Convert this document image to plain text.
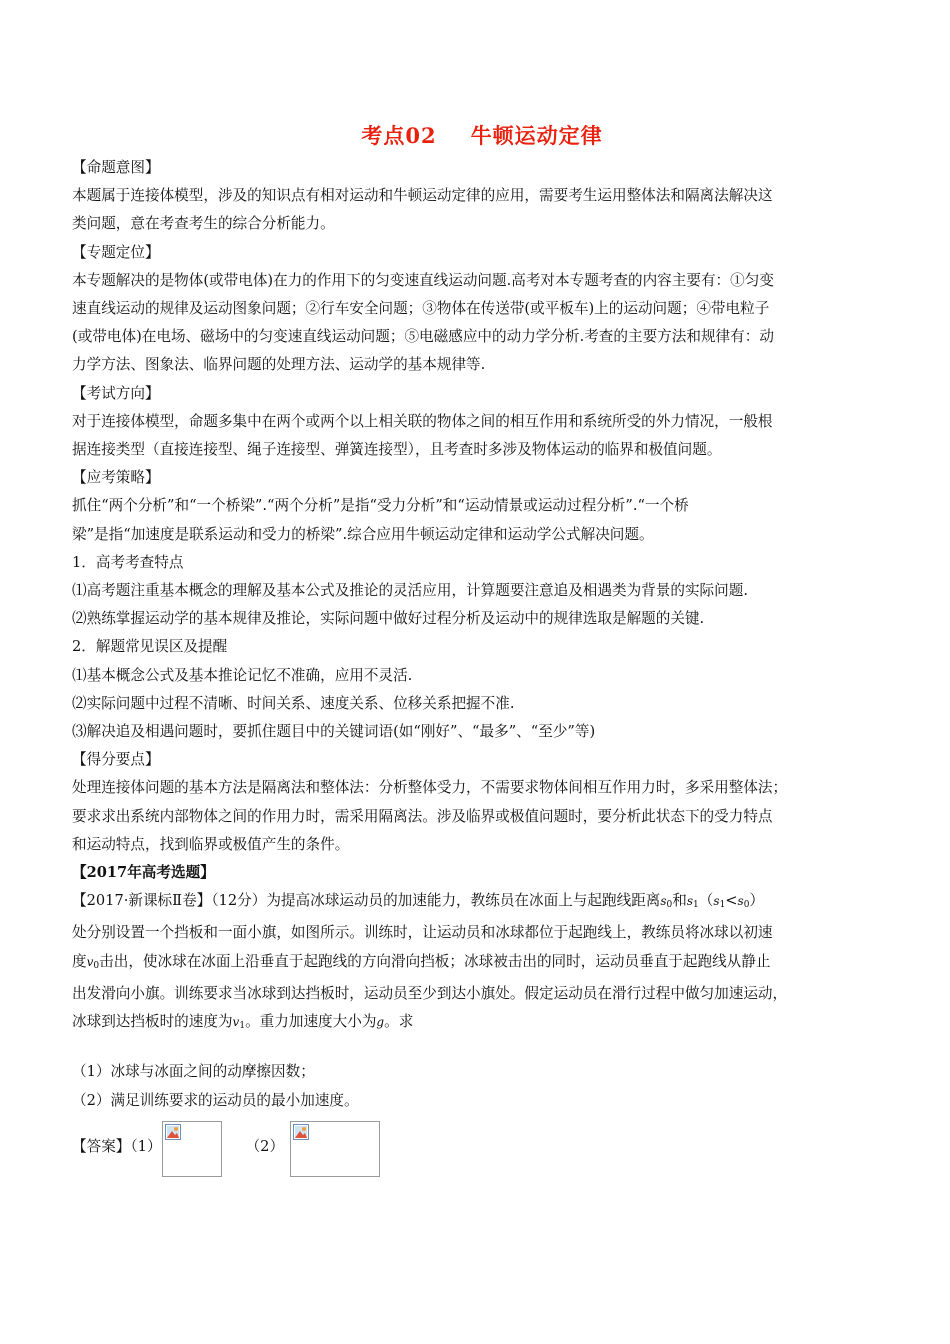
考点02 牛顿运动定律
【命题意图】
本题属于连接体模型，涉及的知识点有相对运动和牛顿运动定律的应用，需要考生运用整体法和隔离法解决这
类问题，意在考查考生的综合分析能力。
【专题定位】
本专题解决的是物体(或带电体)在力的作用下的匀变速直线运动问题.高考对本专题考查的内容主要有：①匀变
速直线运动的规律及运动图象问题；②行车安全问题；③物体在传送带(或平板车)上的运动问题；④带电粒子
(或带电体)在电场、磁场中的匀变速直线运动问题；⑤电磁感应中的动力学分析.考查的主要方法和规律有：动
力学方法、图象法、临界问题的处理方法、运动学的基本规律等.
【考试方向】
对于连接体模型，命题多集中在两个或两个以上相关联的物体之间的相互作用和系统所受的外力情况，一般根
据连接类型（直接连接型、绳子连接型、弹簧连接型），且考查时多涉及物体运动的临界和极值问题。
【应考策略】
抓住“两个分析”和“一个桥梁”.“两个分析”是指“受力分析”和“运动情景或运动过程分析”.“一个桥
梁”是指“加速度是联系运动和受力的桥梁”.综合应用牛顿运动定律和运动学公式解决问题。
1．高考考查特点
⑴高考题注重基本概念的理解及基本公式及推论的灵活应用，计算题要注意追及相遇类为背景的实际问题.
⑵熟练掌握运动学的基本规律及推论，实际问题中做好过程分析及运动中的规律选取是解题的关键.
2．解题常见误区及提醒
⑴基本概念公式及基本推论记忆不准确，应用不灵活.
⑵实际问题中过程不清晰、时间关系、速度关系、位移关系把握不准.
⑶解决追及相遇问题时，要抓住题目中的关键词语(如“刚好”、“最多”、“至少”等)
【得分要点】
处理连接体问题的基本方法是隔离法和整体法：分析整体受力，不需要求物体间相互作用力时，多采用整体法；
要求求出系统内部物体之间的作用力时，需采用隔离法。涉及临界或极值问题时，要分析此状态下的受力特点
和运动特点，找到临界或极值产生的条件。
【2017年高考选题】
【2017·新课标Ⅱ卷】（12分）为提高冰球运动员的加速能力，教练员在冰面上与起跑线距离$s_0$和$s_1(s_1<s_0)$
处分别设置一个挡板和一面小旗，如图所示。训练时，让运动员和冰球都位于起跑线上，教练员将冰球以初速
度$v_0$击出，使冰球在冰面上沿垂直于起跑线的方向滑向挡板；冰球被击出的同时，运动员垂直于起跑线从静止
出发滑向小旗。训练要求当冰球到达挡板时，运动员至少到达小旗处。假定运动员在滑行过程中做匀加速运动，
冰球到达挡板时的速度为$v_1$。重力加速度大小为g。求
（1）冰球与冰面之间的动摩擦因数；
（2）满足训练要求的运动员的最小加速度。
【答案】（1）	（2）
